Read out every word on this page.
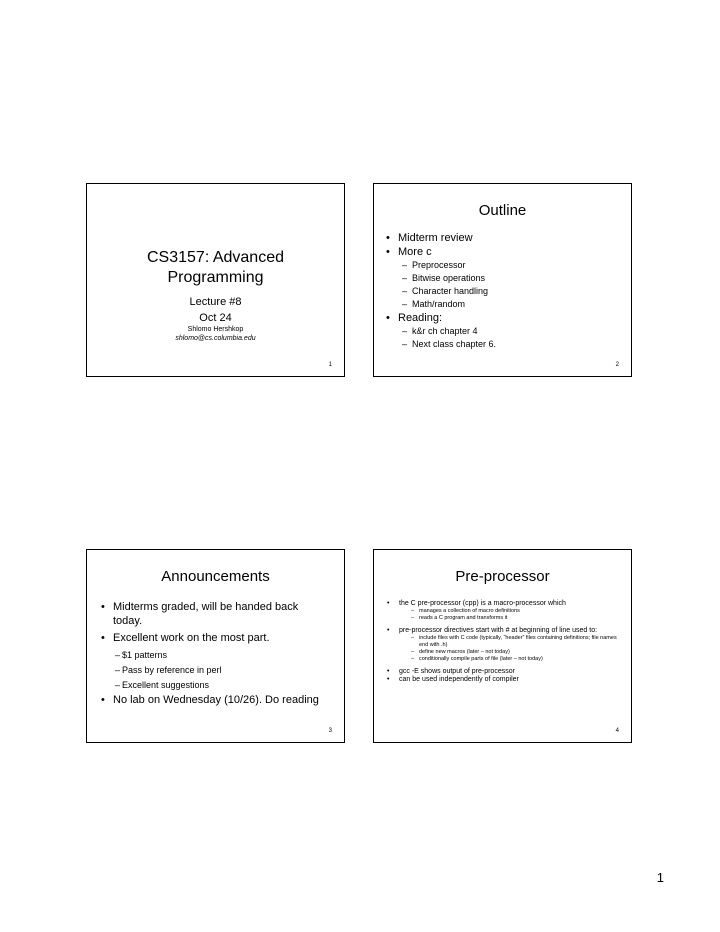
CS3157: Advanced
Programming
Lecture #8
Oct 24
Shlomo Hershkop
shlomo@cs.columbia.edu
1
Outline
• Midterm review
• More c
– Preprocessor
– Bitwise operations
– Character handling
– Math/random
• Reading:
– k&r ch chapter 4
– Next class chapter 6.
2
Announcements
• Midterms graded, will be handed back today.
• Excellent work on the most part.
– $1 patterns
– Pass by reference in perl
– Excellent suggestions
• No lab on Wednesday (10/26). Do reading
3
Pre-processor
• the C pre-processor (cpp) is a macro-processor which
– manages a collection of macro definitions
– reads a C program and transforms it
• pre-processor directives start with # at beginning of line used to:
– include files with C code (typically, “header” files containing definitions; file names end with .h)
– define new macros (later – not today)
– conditionally compile parts of file (later – not today)
• gcc -E shows output of pre-processor
• can be used independently of compiler
4
1
